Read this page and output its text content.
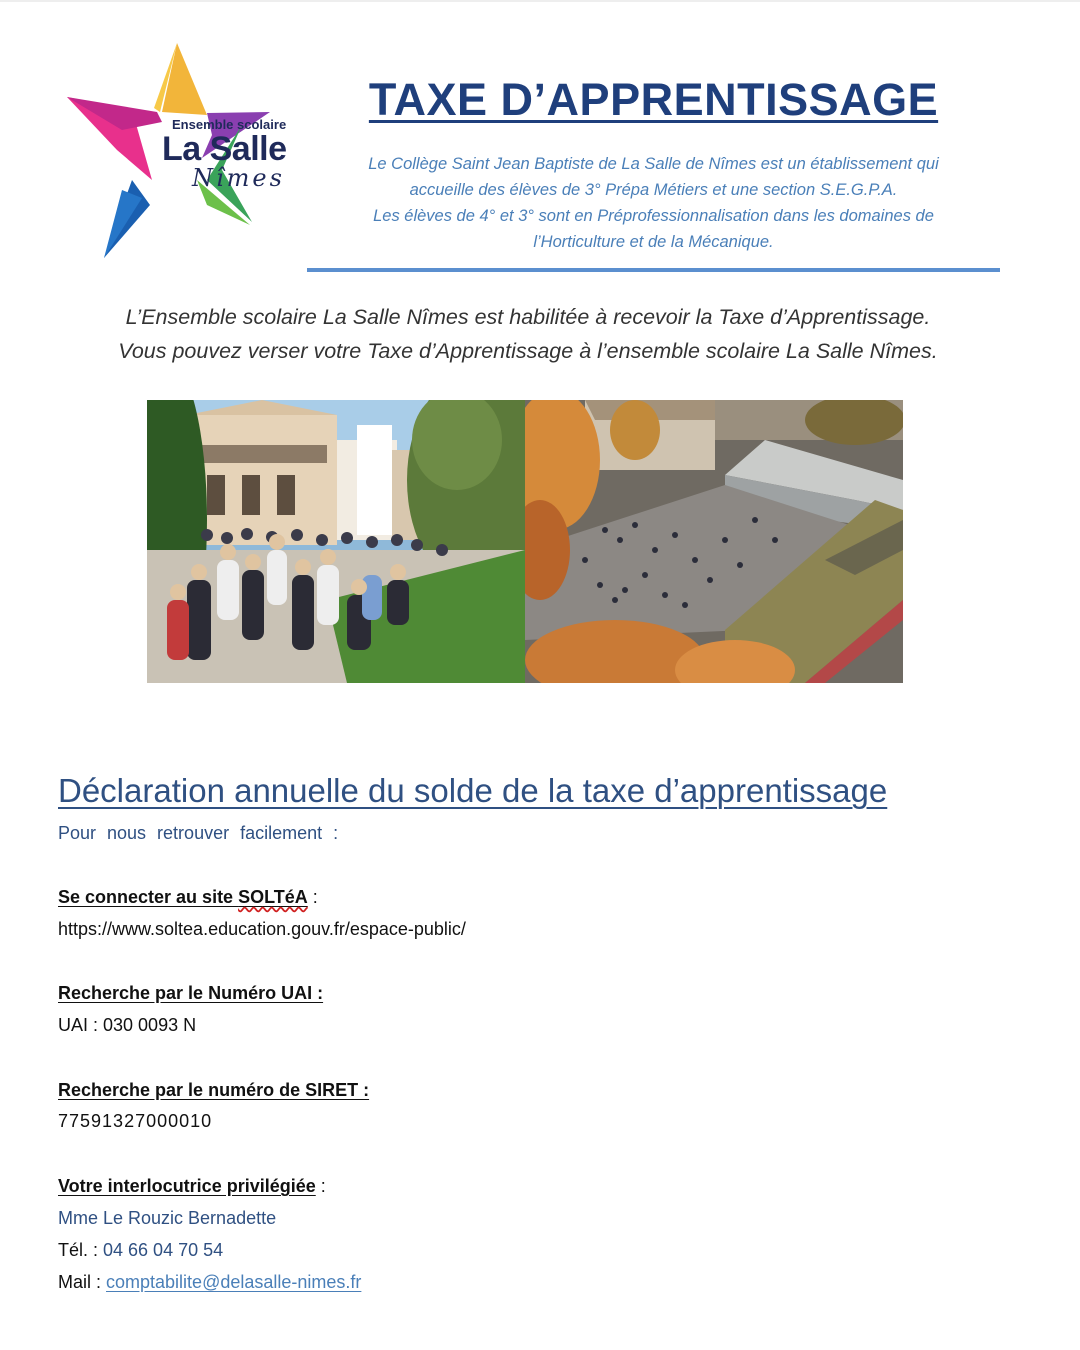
Ensemble scolaire
La Salle
Nîmes
TAXE D’APPRENTISSAGE
Le Collège Saint Jean Baptiste de La Salle de Nîmes est un établissement qui
accueille des élèves de 3° Prépa Métiers et une section S.E.G.P.A.
Les élèves de 4° et 3° sont en Préprofessionnalisation dans les domaines de
l’Horticulture et de la Mécanique.
L’Ensemble scolaire La Salle Nîmes est habilitée à recevoir la Taxe d’Apprentissage.
Vous pouvez verser votre Taxe d’Apprentissage à l’ensemble scolaire La Salle Nîmes.
Déclaration annuelle du solde de la taxe d’apprentissage
Pour nous retrouver facilement :
Se connecter au site SOLTéA :
https://www.soltea.education.gouv.fr/espace-public/
Recherche par le Numéro UAI :
UAI : 030 0093 N
Recherche par le numéro de SIRET :
77591327000010
Votre interlocutrice privilégiée :
Mme Le Rouzic Bernadette
Tél. : 04 66 04 70 54
Mail : comptabilite@delasalle-nimes.fr
